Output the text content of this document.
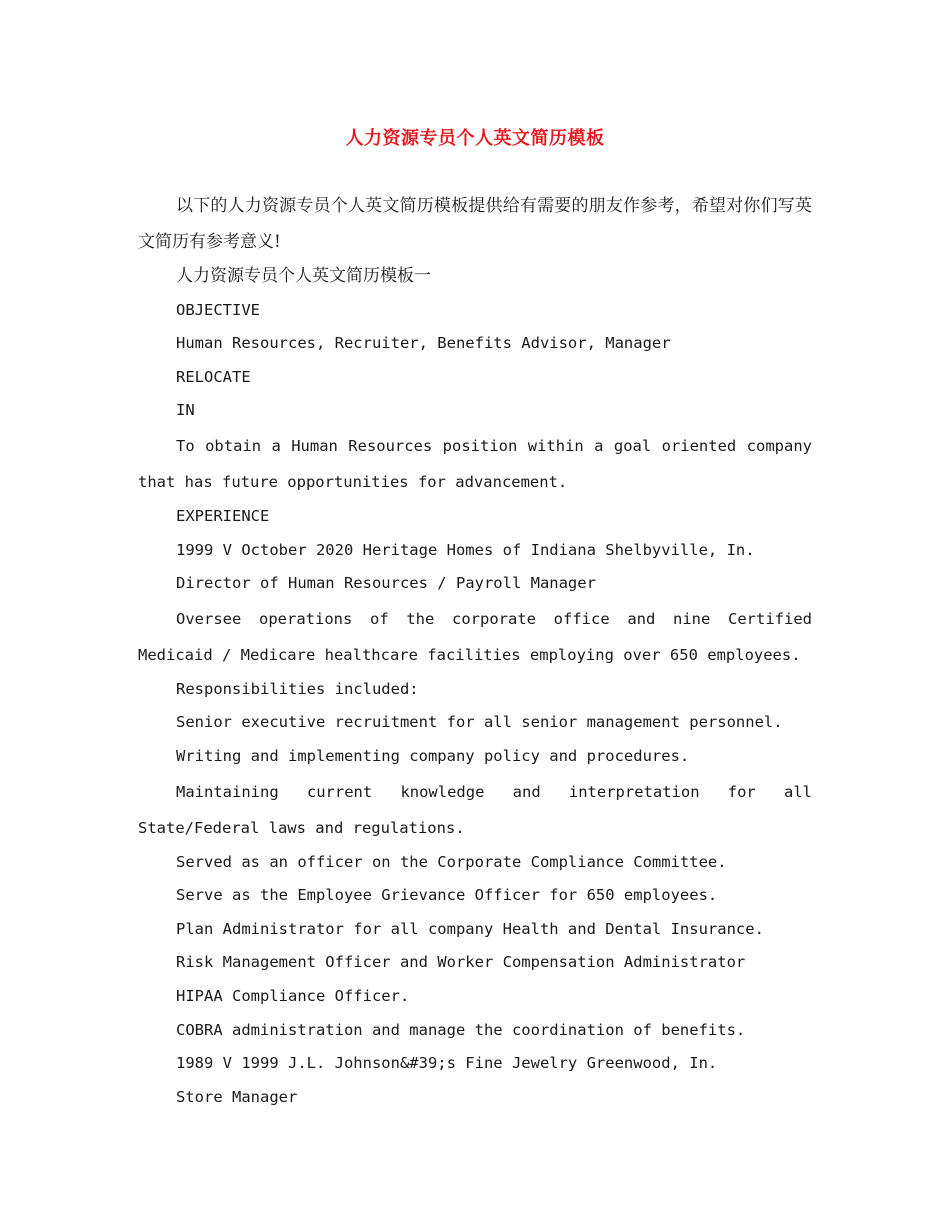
人力资源专员个人英文简历模板

以下的人力资源专员个人英文简历模板提供给有需要的朋友作参考，希望对你们写英文简历有参考意义!

人力资源专员个人英文简历模板一

OBJECTIVE

Human Resources, Recruiter, Benefits Advisor, Manager

RELOCATE

IN

To obtain a Human Resources position within a goal oriented company that has future opportunities for advancement.

EXPERIENCE

1999 V October 2020 Heritage Homes of Indiana Shelbyville, In.

Director of Human Resources / Payroll Manager

Oversee operations of the corporate office and nine Certified Medicaid / Medicare healthcare facilities employing over 650 employees.

Responsibilities included:

Senior executive recruitment for all senior management personnel.

Writing and implementing company policy and procedures.

Maintaining current knowledge and interpretation for all State/Federal laws and regulations.

Served as an officer on the Corporate Compliance Committee.

Serve as the Employee Grievance Officer for 650 employees.

Plan Administrator for all company Health and Dental Insurance.

Risk Management Officer and Worker Compensation Administrator

HIPAA Compliance Officer.

COBRA administration and manage the coordination of benefits.

1989 V 1999 J.L. Johnson&#39;s Fine Jewelry Greenwood, In.

Store Manager
